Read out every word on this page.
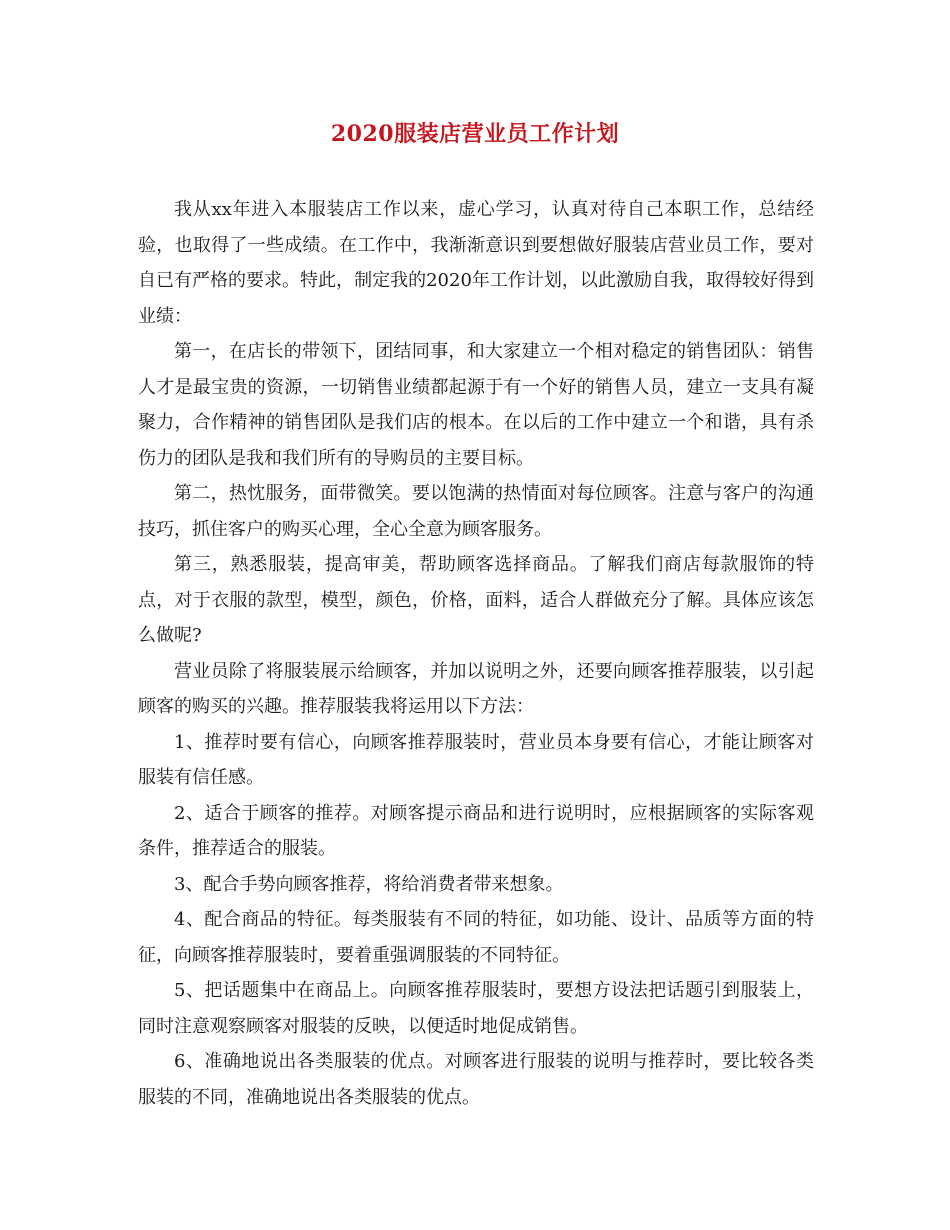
2020服装店营业员工作计划

我从xx年进入本服装店工作以来，虚心学习，认真对待自己本职工作，总结经验，也取得了一些成绩。在工作中，我渐渐意识到要想做好服装店营业员工作，要对自已有严格的要求。特此，制定我的2020年工作计划，以此激励自我，取得较好得到业绩：

第一，在店长的带领下，团结同事，和大家建立一个相对稳定的销售团队：销售人才是最宝贵的资源，一切销售业绩都起源于有一个好的销售人员，建立一支具有凝聚力，合作精神的销售团队是我们店的根本。在以后的工作中建立一个和谐，具有杀伤力的团队是我和我们所有的导购员的主要目标。

第二，热忱服务，面带微笑。要以饱满的热情面对每位顾客。注意与客户的沟通技巧，抓住客户的购买心理，全心全意为顾客服务。

第三，熟悉服装，提高审美，帮助顾客选择商品。了解我们商店每款服饰的特点，对于衣服的款型，模型，颜色，价格，面料，适合人群做充分了解。具体应该怎么做呢?

营业员除了将服装展示给顾客，并加以说明之外，还要向顾客推荐服装，以引起顾客的购买的兴趣。推荐服装我将运用以下方法：

1、推荐时要有信心，向顾客推荐服装时，营业员本身要有信心，才能让顾客对服装有信任感。

2、适合于顾客的推荐。对顾客提示商品和进行说明时，应根据顾客的实际客观条件，推荐适合的服装。

3、配合手势向顾客推荐，将给消费者带来想象。

4、配合商品的特征。每类服装有不同的特征，如功能、设计、品质等方面的特征，向顾客推荐服装时，要着重强调服装的不同特征。

5、把话题集中在商品上。向顾客推荐服装时，要想方设法把话题引到服装上，同时注意观察顾客对服装的反映，以便适时地促成销售。

6、准确地说出各类服装的优点。对顾客进行服装的说明与推荐时，要比较各类服装的不同，准确地说出各类服装的优点。
